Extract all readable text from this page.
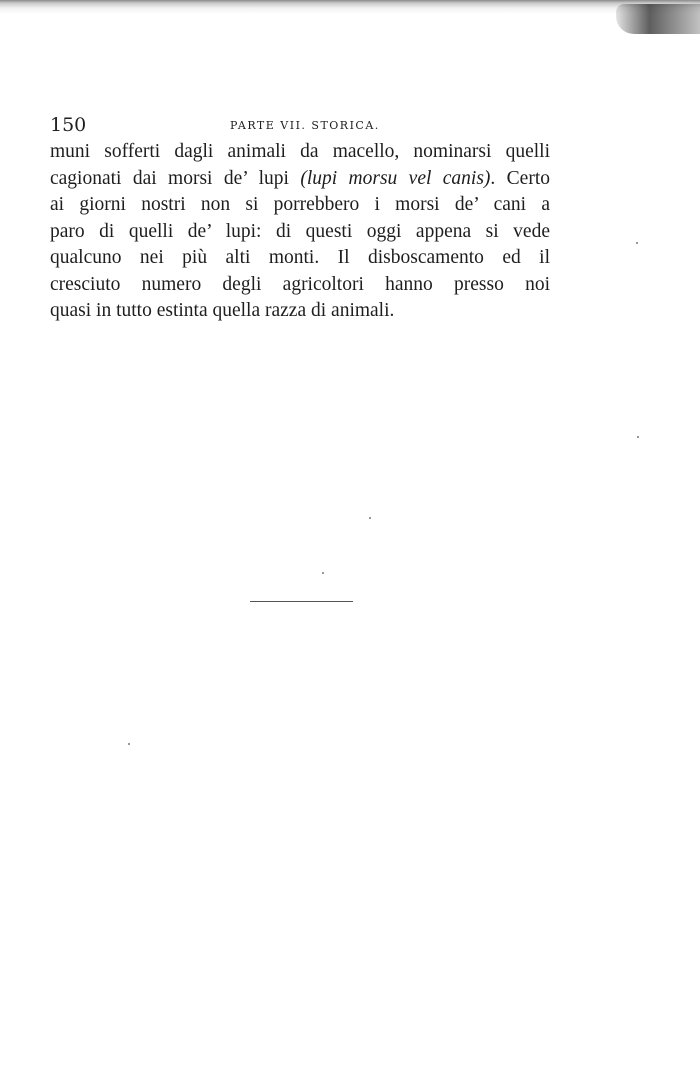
150	PARTE VII. STORICA.
muni sofferti dagli animali da macello, nominarsi quelli
cagionati dai morsi de’ lupi (lupi morsu vel canis). Certo
ai giorni nostri non si porrebbero i morsi de’ cani a
paro di quelli de’ lupi: di questi oggi appena si vede
qualcuno nei più alti monti. Il disboscamento ed il
cresciuto numero degli agricoltori hanno presso noi
quasi in tutto estinta quella razza di animali.
